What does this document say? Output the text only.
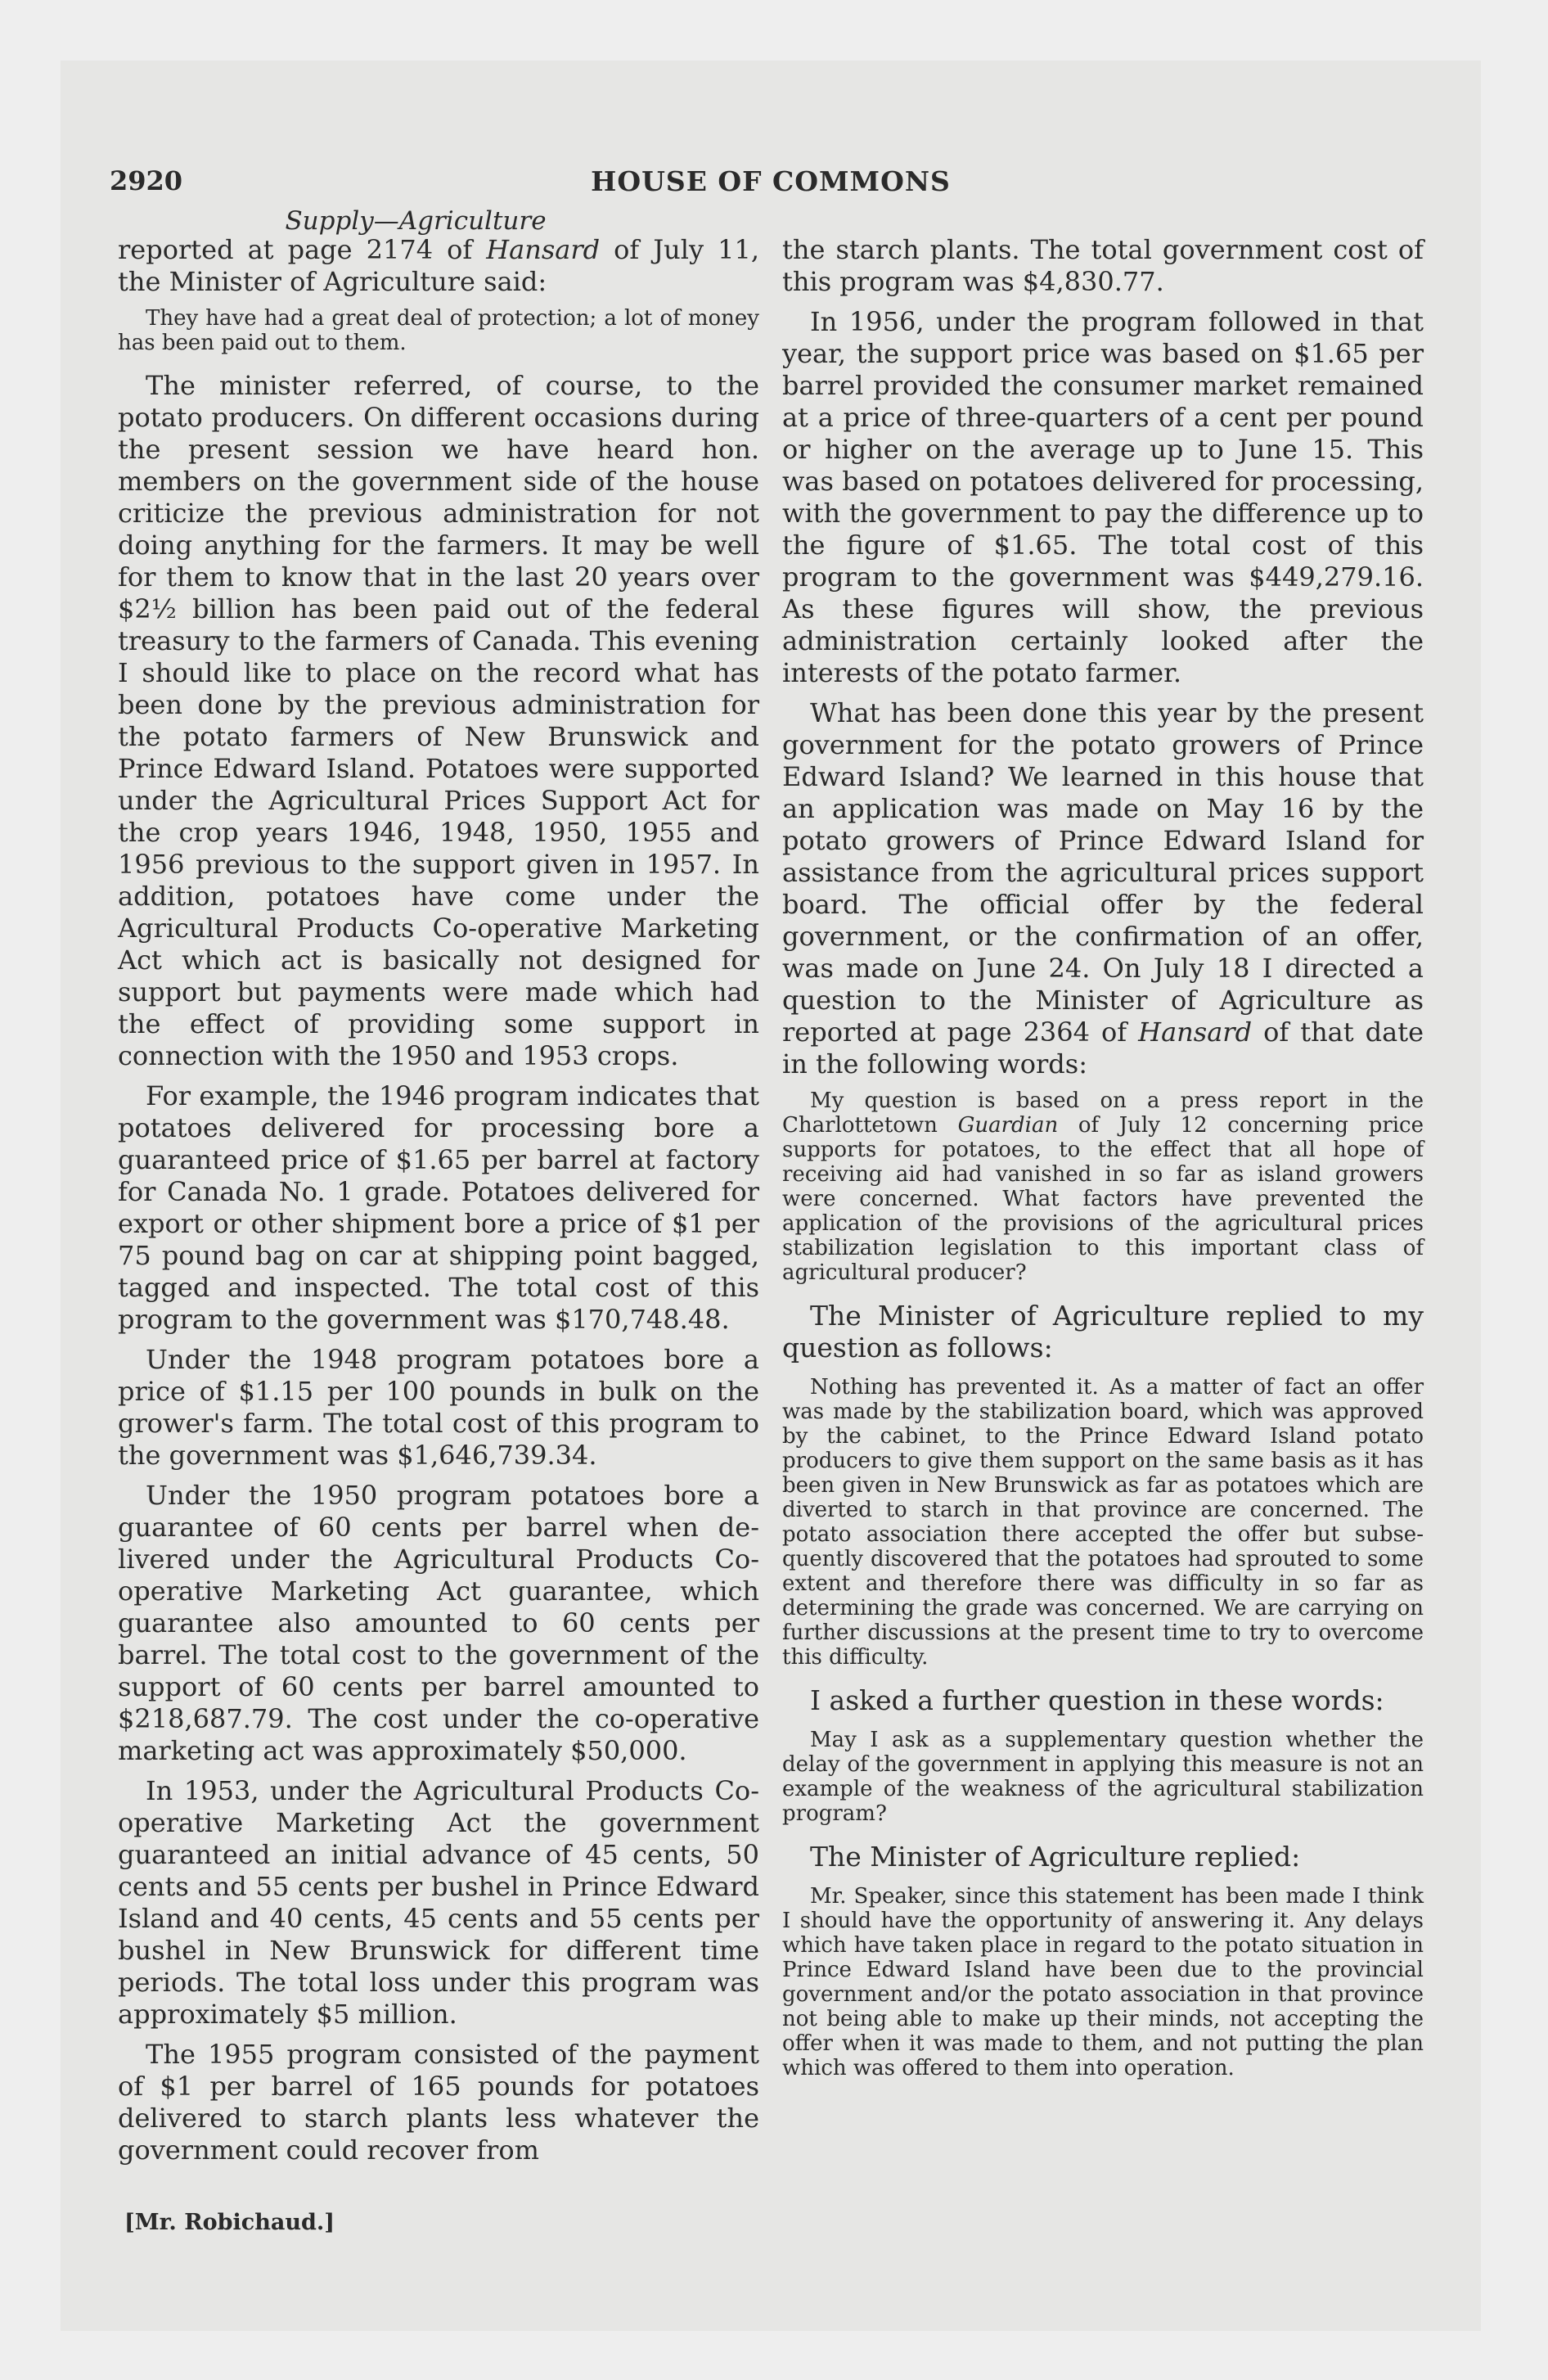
2920	HOUSE OF COMMONS
Supply—Agriculture

reported at page 2174 of Hansard of July 11, the Minister of Agriculture said:

They have had a great deal of protection; a lot of money has been paid out to them.

The minister referred, of course, to the potato producers. On different occasions during the present session we have heard hon. members on the government side of the house criticize the previous administration for not doing anything for the farmers. It may be well for them to know that in the last 20 years over $2½ billion has been paid out of the federal treasury to the farmers of Canada. This evening I should like to place on the record what has been done by the previous administration for the potato farmers of New Brunswick and Prince Edward Island. Potatoes were supported under the Agricultural Prices Support Act for the crop years 1946, 1948, 1950, 1955 and 1956 previous to the support given in 1957. In addition, potatoes have come under the Agricultural Products Co-operative Marketing Act which act is basically not designed for support but payments were made which had the effect of providing some support in connection with the 1950 and 1953 crops.

For example, the 1946 program indicates that potatoes delivered for processing bore a guaranteed price of $1.65 per barrel at factory for Canada No. 1 grade. Potatoes delivered for export or other shipment bore a price of $1 per 75 pound bag on car at shipping point bagged, tagged and inspected. The total cost of this program to the government was $170,748.48.

Under the 1948 program potatoes bore a price of $1.15 per 100 pounds in bulk on the grower's farm. The total cost of this program to the government was $1,646,739.34.

Under the 1950 program potatoes bore a guarantee of 60 cents per barrel when delivered under the Agricultural Products Co-operative Marketing Act guarantee, which guarantee also amounted to 60 cents per barrel. The total cost to the government of the support of 60 cents per barrel amounted to $218,687.79. The cost under the co-operative marketing act was approximately $50,000.

In 1953, under the Agricultural Products Co-operative Marketing Act the government guaranteed an initial advance of 45 cents, 50 cents and 55 cents per bushel in Prince Edward Island and 40 cents, 45 cents and 55 cents per bushel in New Brunswick for different time periods. The total loss under this program was approximately $5 million.

The 1955 program consisted of the payment of $1 per barrel of 165 pounds for potatoes delivered to starch plants less whatever the government could recover from

the starch plants. The total government cost of this program was $4,830.77.

In 1956, under the program followed in that year, the support price was based on $1.65 per barrel provided the consumer market remained at a price of three-quarters of a cent per pound or higher on the average up to June 15. This was based on potatoes delivered for processing, with the government to pay the difference up to the figure of $1.65. The total cost of this program to the government was $449,279.16. As these figures will show, the previous administration certainly looked after the interests of the potato farmer.

What has been done this year by the present government for the potato growers of Prince Edward Island? We learned in this house that an application was made on May 16 by the potato growers of Prince Edward Island for assistance from the agricultural prices support board. The official offer by the federal government, or the confirmation of an offer, was made on June 24. On July 18 I directed a question to the Minister of Agriculture as reported at page 2364 of Hansard of that date in the following words:

My question is based on a press report in the Charlottetown Guardian of July 12 concerning price supports for potatoes, to the effect that all hope of receiving aid had vanished in so far as island growers were concerned. What factors have prevented the application of the provisions of the agricultural prices stabilization legislation to this important class of agricultural producer?

The Minister of Agriculture replied to my question as follows:

Nothing has prevented it. As a matter of fact an offer was made by the stabilization board, which was approved by the cabinet, to the Prince Edward Island potato producers to give them support on the same basis as it has been given in New Brunswick as far as potatoes which are diverted to starch in that province are concerned. The potato association there accepted the offer but subsequently discovered that the potatoes had sprouted to some extent and therefore there was difficulty in so far as determining the grade was concerned. We are carrying on further discussions at the present time to try to overcome this difficulty.

I asked a further question in these words:

May I ask as a supplementary question whether the delay of the government in applying this measure is not an example of the weakness of the agricultural stabilization program?

The Minister of Agriculture replied:

Mr. Speaker, since this statement has been made I think I should have the opportunity of answering it. Any delays which have taken place in regard to the potato situation in Prince Edward Island have been due to the provincial government and/or the potato association in that province not being able to make up their minds, not accepting the offer when it was made to them, and not putting the plan which was offered to them into operation.

[Mr. Robichaud.]
